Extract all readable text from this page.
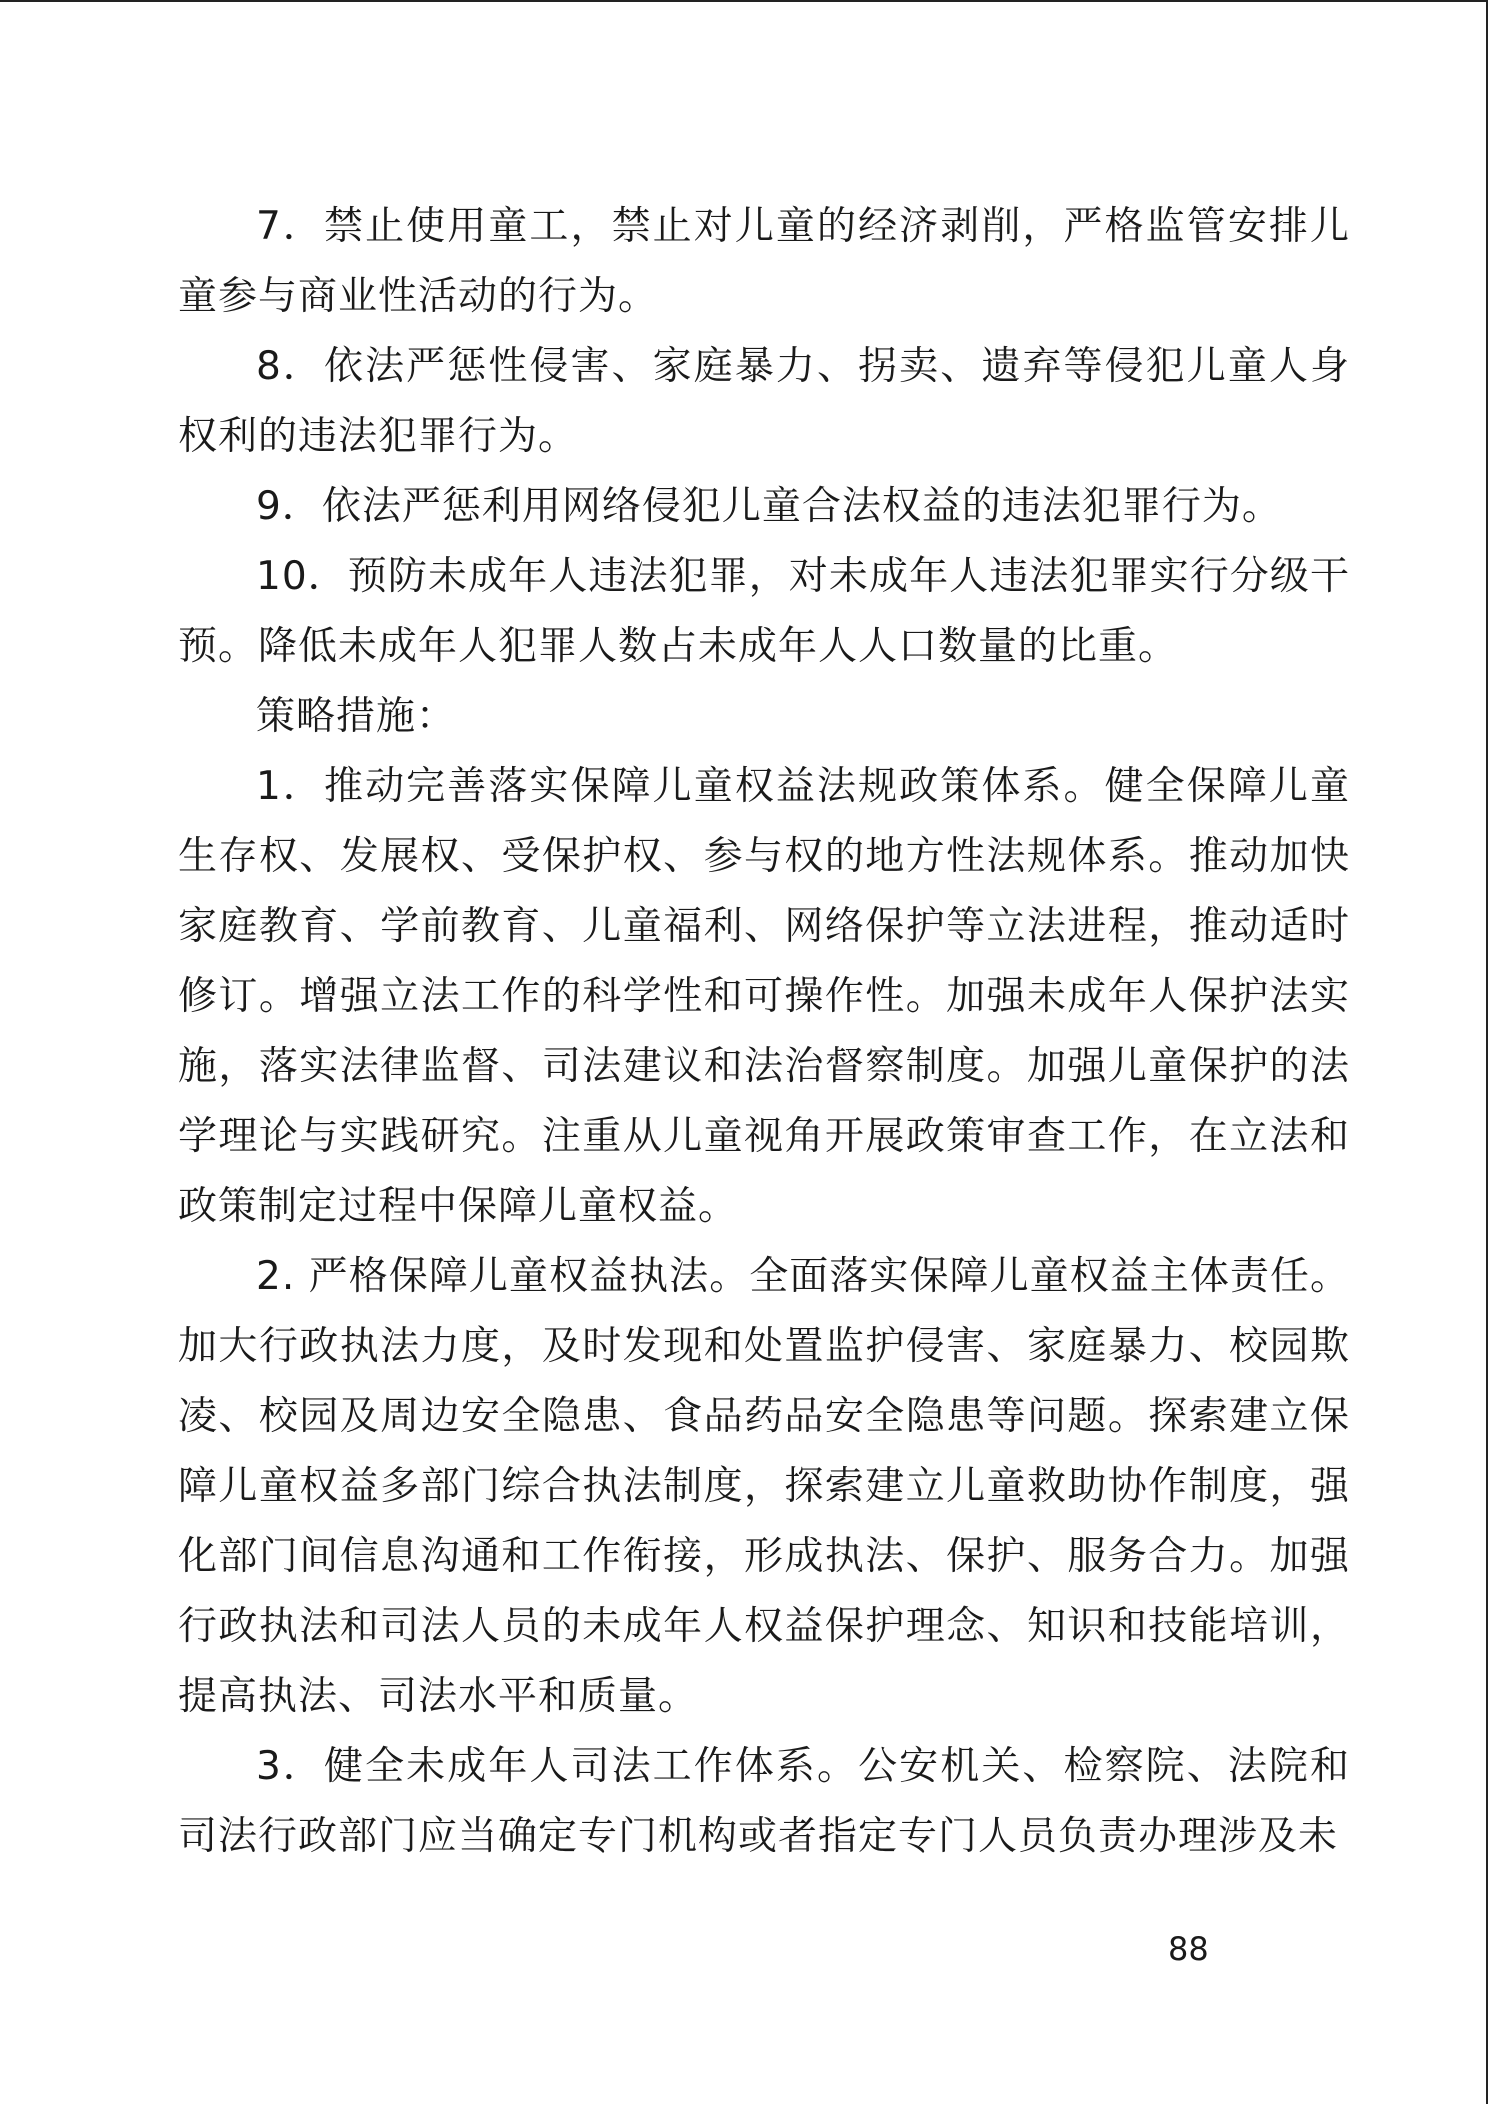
7．禁止使用童工，禁止对儿童的经济剥削，严格监管安排儿童参与商业性活动的行为。

8．依法严惩性侵害、家庭暴力、拐卖、遗弃等侵犯儿童人身权利的违法犯罪行为。

9．依法严惩利用网络侵犯儿童合法权益的违法犯罪行为。

10．预防未成年人违法犯罪，对未成年人违法犯罪实行分级干预。降低未成年人犯罪人数占未成年人人口数量的比重。

策略措施：

1．推动完善落实保障儿童权益法规政策体系。健全保障儿童生存权、发展权、受保护权、参与权的地方性法规体系。推动加快家庭教育、学前教育、儿童福利、网络保护等立法进程，推动适时修订。增强立法工作的科学性和可操作性。加强未成年人保护法实施，落实法律监督、司法建议和法治督察制度。加强儿童保护的法学理论与实践研究。注重从儿童视角开展政策审查工作，在立法和政策制定过程中保障儿童权益。

2. 严格保障儿童权益执法。全面落实保障儿童权益主体责任。加大行政执法力度，及时发现和处置监护侵害、家庭暴力、校园欺凌、校园及周边安全隐患、食品药品安全隐患等问题。探索建立保障儿童权益多部门综合执法制度，探索建立儿童救助协作制度，强化部门间信息沟通和工作衔接，形成执法、保护、服务合力。加强行政执法和司法人员的未成年人权益保护理念、知识和技能培训，提高执法、司法水平和质量。

3．健全未成年人司法工作体系。公安机关、检察院、法院和司法行政部门应当确定专门机构或者指定专门人员负责办理涉及未

88
